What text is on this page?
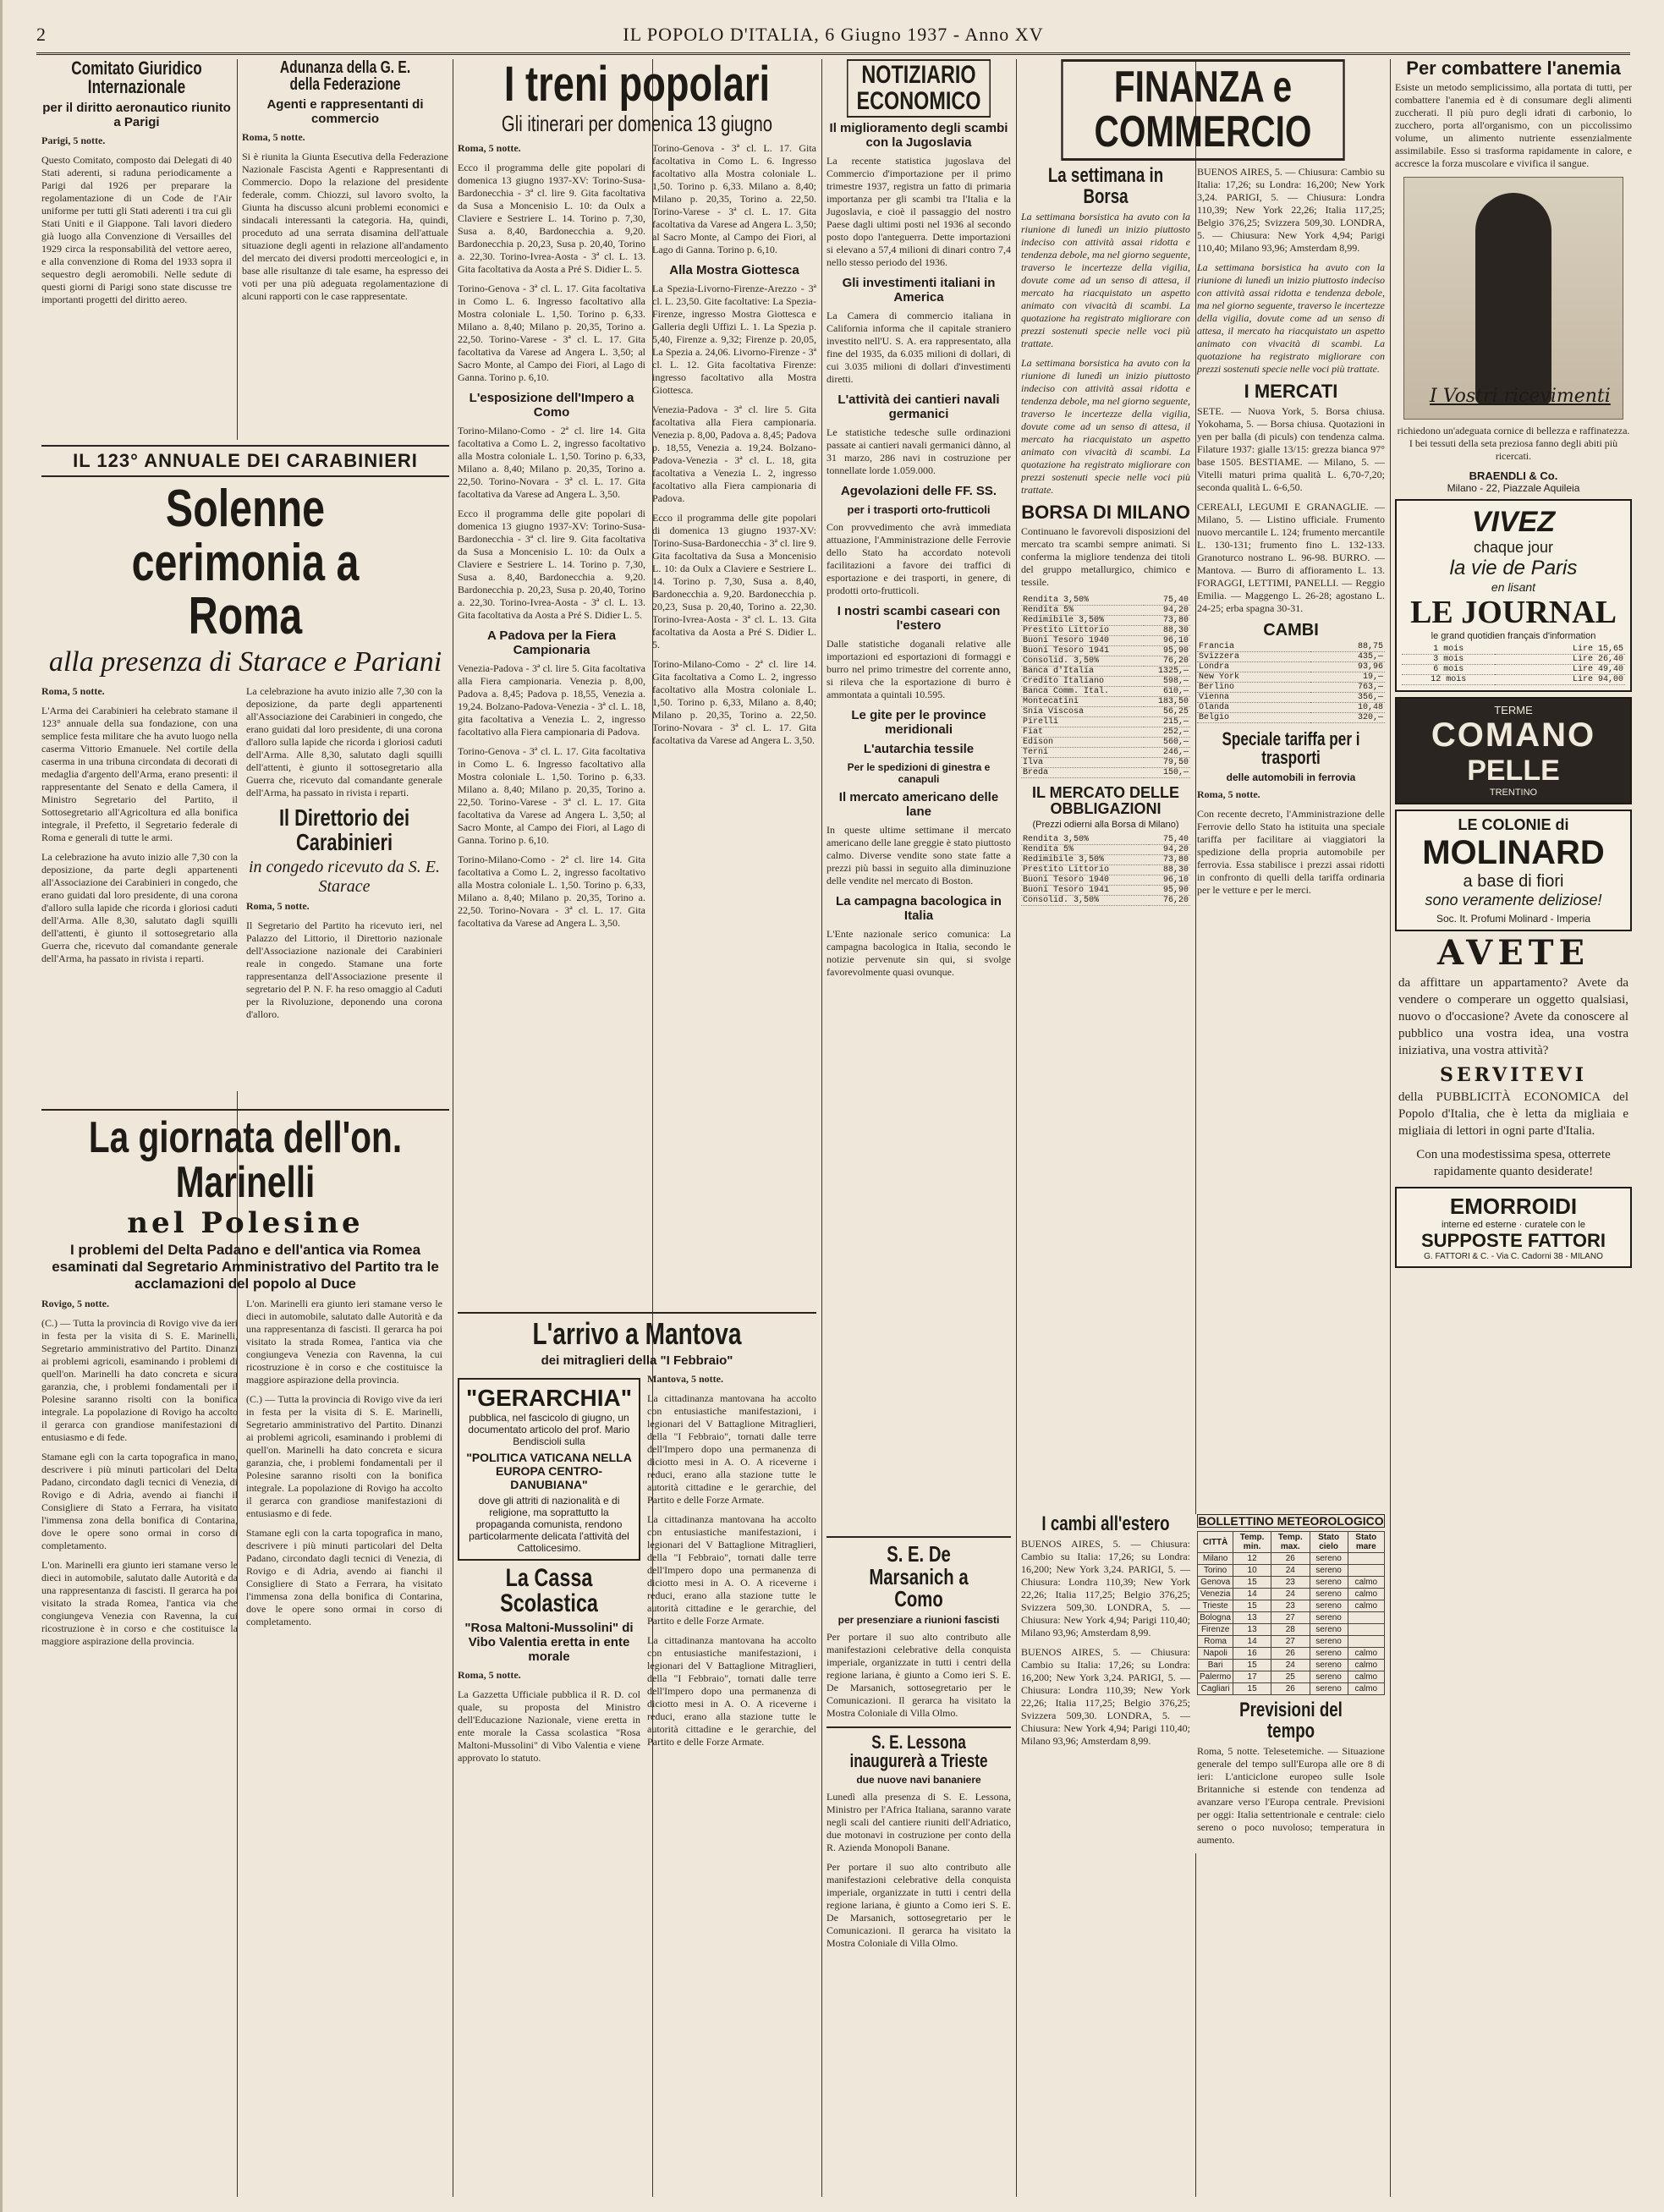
2	IL POPOLO D'ITALIA, 6 Giugno 1937 - Anno XV
Comitato Giuridico Internazionale
per il diritto aeronautico riunito a Parigi

Parigi, 5 notte.

Questo Comitato, composto dai Delegati di 40 Stati aderenti, si raduna periodicamente a Parigi dal 1926 per preparare la regolamentazione di un Code de l'Air uniforme per tutti gli Stati aderenti i tra cui gli Stati Uniti e il Giappone. Tali lavori diedero già luogo alla Convenzione di Versailles del 1929 circa la responsabilità del vettore aereo, e alla convenzione di Roma del 1933 sopra il sequestro degli aeromobili. Nelle sedute di questi giorni di Parigi sono state discusse tre importanti progetti del diritto aereo.

Adunanza della G. E. della Federazione
Agenti e rappresentanti di commercio

Roma, 5 notte.

Si è riunita la Giunta Esecutiva della Federazione Nazionale Fascista Agenti e Rappresentanti di Commercio. Dopo la relazione del presidente federale, comm. Chiozzi, sul lavoro svolto, la Giunta ha discusso alcuni problemi economici e sindacali interessanti la categoria. Ha, quindi, proceduto ad una serrata disamina dell'attuale situazione degli agenti in relazione all'andamento del mercato dei diversi prodotti merceologici e, in base alle risultanze di tale esame, ha espresso dei voti per una più adeguata regolamentazione di alcuni rapporti con le case rappresentate.

IL 123° ANNUALE DEI CARABINIERI
Solenne cerimonia a Roma
alla presenza di Starace e Pariani

Roma, 5 notte.

L'Arma dei Carabinieri ha celebrato stamane il 123° annuale della sua fondazione, con una semplice festa militare che ha avuto luogo nella caserma Vittorio Emanuele. Nel cortile della caserma in una tribuna circondata di decorati di medaglia d'argento dell'Arma, erano presenti: il rappresentante del Senato e della Camera, il Ministro Segretario del Partito, il Sottosegretario all'Agricoltura ed alla bonifica integrale, il Prefetto, il Segretario federale di Roma e generali di tutte le armi.

La celebrazione ha avuto inizio alle 7,30 con la deposizione, da parte degli appartenenti all'Associazione dei Carabinieri in congedo, che erano guidati dal loro presidente, di una corona d'alloro sulla lapide che ricorda i gloriosi caduti dell'Arma. Alle 8,30, salutato dagli squilli dell'attenti, è giunto il sottosegretario alla Guerra che, ricevuto dal comandante generale dell'Arma, ha passato in rivista i reparti.

La celebrazione ha avuto inizio alle 7,30 con la deposizione, da parte degli appartenenti all'Associazione dei Carabinieri in congedo, che erano guidati dal loro presidente, di una corona d'alloro sulla lapide che ricorda i gloriosi caduti dell'Arma. Alle 8,30, salutato dagli squilli dell'attenti, è giunto il sottosegretario alla Guerra che, ricevuto dal comandante generale dell'Arma, ha passato in rivista i reparti.

Il Direttorio dei Carabinieri
in congedo ricevuto da S. E. Starace

Roma, 5 notte.

Il Segretario del Partito ha ricevuto ieri, nel Palazzo del Littorio, il Direttorio nazionale dell'Associazione nazionale dei Carabinieri reale in congedo. Stamane una forte rappresentanza dell'Associazione presente il segretario del P. N. F. ha reso omaggio al Caduti per la Rivoluzione, deponendo una corona d'alloro.

La giornata dell'on. Marinelli
nel Polesine
I problemi del Delta Padano e dell'antica via Romea esaminati dal Segretario Amministrativo del Partito tra le acclamazioni del popolo al Duce

Rovigo, 5 notte.

(C.) — Tutta la provincia di Rovigo vive da ieri in festa per la visita di S. E. Marinelli, Segretario amministrativo del Partito. Dinanzi ai problemi agricoli, esaminando i problemi di quell'on. Marinelli ha dato concreta e sicura garanzia, che, i problemi fondamentali per il Polesine saranno risolti con la bonifica integrale. La popolazione di Rovigo ha accolto il gerarca con grandiose manifestazioni di entusiasmo e di fede.

Stamane egli con la carta topografica in mano, descrivere i più minuti particolari del Delta Padano, circondato dagli tecnici di Venezia, di Rovigo e di Adria, avendo ai fianchi il Consigliere di Stato a Ferrara, ha visitato l'immensa zona della bonifica di Contarina, dove le opere sono ormai in corso di completamento.

L'on. Marinelli era giunto ieri stamane verso le dieci in automobile, salutato dalle Autorità e da una rappresentanza di fascisti. Il gerarca ha poi visitato la strada Romea, l'antica via che congiungeva Venezia con Ravenna, la cui ricostruzione è in corso e che costituisce la maggiore aspirazione della provincia.

L'on. Marinelli era giunto ieri stamane verso le dieci in automobile, salutato dalle Autorità e da una rappresentanza di fascisti. Il gerarca ha poi visitato la strada Romea, l'antica via che congiungeva Venezia con Ravenna, la cui ricostruzione è in corso e che costituisce la maggiore aspirazione della provincia.

(C.) — Tutta la provincia di Rovigo vive da ieri in festa per la visita di S. E. Marinelli, Segretario amministrativo del Partito. Dinanzi ai problemi agricoli, esaminando i problemi di quell'on. Marinelli ha dato concreta e sicura garanzia, che, i problemi fondamentali per il Polesine saranno risolti con la bonifica integrale. La popolazione di Rovigo ha accolto il gerarca con grandiose manifestazioni di entusiasmo e di fede.

Stamane egli con la carta topografica in mano, descrivere i più minuti particolari del Delta Padano, circondato dagli tecnici di Venezia, di Rovigo e di Adria, avendo ai fianchi il Consigliere di Stato a Ferrara, ha visitato l'immensa zona della bonifica di Contarina, dove le opere sono ormai in corso di completamento.

I treni popolari
Gli itinerari per domenica 13 giugno

Roma, 5 notte.

Ecco il programma delle gite popolari di domenica 13 giugno 1937-XV: Torino-Susa-Bardonecchia - 3ª cl. lire 9. Gita facoltativa da Susa a Moncenisio L. 10: da Oulx a Claviere e Sestriere L. 14. Torino p. 7,30, Susa a. 8,40, Bardonecchia a. 9,20. Bardonecchia p. 20,23, Susa p. 20,40, Torino a. 22,30. Torino-Ivrea-Aosta - 3ª cl. L. 13. Gita facoltativa da Aosta a Pré S. Didier L. 5.

Torino-Genova - 3ª cl. L. 17. Gita facoltativa in Como L. 6. Ingresso facoltativo alla Mostra coloniale L. 1,50. Torino p. 6,33. Milano a. 8,40; Milano p. 20,35, Torino a. 22,50. Torino-Varese - 3ª cl. L. 17. Gita facoltativa da Varese ad Angera L. 3,50; al Sacro Monte, al Campo dei Fiori, al Lago di Ganna. Torino p. 6,10.

L'esposizione dell'Impero a Como

Torino-Milano-Como - 2ª cl. lire 14. Gita facoltativa a Como L. 2, ingresso facoltativo alla Mostra coloniale L. 1,50. Torino p. 6,33, Milano a. 8,40; Milano p. 20,35, Torino a. 22,50. Torino-Novara - 3ª cl. L. 17. Gita facoltativa da Varese ad Angera L. 3,50.

Ecco il programma delle gite popolari di domenica 13 giugno 1937-XV: Torino-Susa-Bardonecchia - 3ª cl. lire 9. Gita facoltativa da Susa a Moncenisio L. 10: da Oulx a Claviere e Sestriere L. 14. Torino p. 7,30, Susa a. 8,40, Bardonecchia a. 9,20. Bardonecchia p. 20,23, Susa p. 20,40, Torino a. 22,30. Torino-Ivrea-Aosta - 3ª cl. L. 13. Gita facoltativa da Aosta a Pré S. Didier L. 5.

A Padova per la Fiera Campionaria

Venezia-Padova - 3ª cl. lire 5. Gita facoltativa alla Fiera campionaria. Venezia p. 8,00, Padova a. 8,45; Padova p. 18,55, Venezia a. 19,24. Bolzano-Padova-Venezia - 3ª cl. L. 18, gita facoltativa a Venezia L. 2, ingresso facoltativo alla Fiera campionaria di Padova.

Torino-Genova - 3ª cl. L. 17. Gita facoltativa in Como L. 6. Ingresso facoltativo alla Mostra coloniale L. 1,50. Torino p. 6,33. Milano a. 8,40; Milano p. 20,35, Torino a. 22,50. Torino-Varese - 3ª cl. L. 17. Gita facoltativa da Varese ad Angera L. 3,50; al Sacro Monte, al Campo dei Fiori, al Lago di Ganna. Torino p. 6,10.

Torino-Milano-Como - 2ª cl. lire 14. Gita facoltativa a Como L. 2, ingresso facoltativo alla Mostra coloniale L. 1,50. Torino p. 6,33, Milano a. 8,40; Milano p. 20,35, Torino a. 22,50. Torino-Novara - 3ª cl. L. 17. Gita facoltativa da Varese ad Angera L. 3,50.

Torino-Genova - 3ª cl. L. 17. Gita facoltativa in Como L. 6. Ingresso facoltativo alla Mostra coloniale L. 1,50. Torino p. 6,33. Milano a. 8,40; Milano p. 20,35, Torino a. 22,50. Torino-Varese - 3ª cl. L. 17. Gita facoltativa da Varese ad Angera L. 3,50; al Sacro Monte, al Campo dei Fiori, al Lago di Ganna. Torino p. 6,10.

Alla Mostra Giottesca

La Spezia-Livorno-Firenze-Arezzo - 3ª cl. L. 23,50. Gite facoltative: La Spezia-Firenze, ingresso Mostra Giottesca e Galleria degli Uffizi L. 1. La Spezia p. 5,40, Firenze a. 9,32; Firenze p. 20,05, La Spezia a. 24,06. Livorno-Firenze - 3ª cl. L. 12. Gita facoltativa Firenze: ingresso facoltativo alla Mostra Giottesca.

Venezia-Padova - 3ª cl. lire 5. Gita facoltativa alla Fiera campionaria. Venezia p. 8,00, Padova a. 8,45; Padova p. 18,55, Venezia a. 19,24. Bolzano-Padova-Venezia - 3ª cl. L. 18, gita facoltativa a Venezia L. 2, ingresso facoltativo alla Fiera campionaria di Padova.

Ecco il programma delle gite popolari di domenica 13 giugno 1937-XV: Torino-Susa-Bardonecchia - 3ª cl. lire 9. Gita facoltativa da Susa a Moncenisio L. 10: da Oulx a Claviere e Sestriere L. 14. Torino p. 7,30, Susa a. 8,40, Bardonecchia a. 9,20. Bardonecchia p. 20,23, Susa p. 20,40, Torino a. 22,30. Torino-Ivrea-Aosta - 3ª cl. L. 13. Gita facoltativa da Aosta a Pré S. Didier L. 5.

Torino-Milano-Como - 2ª cl. lire 14. Gita facoltativa a Como L. 2, ingresso facoltativo alla Mostra coloniale L. 1,50. Torino p. 6,33, Milano a. 8,40; Milano p. 20,35, Torino a. 22,50. Torino-Novara - 3ª cl. L. 17. Gita facoltativa da Varese ad Angera L. 3,50.

L'arrivo a Mantova
dei mitraglieri della "I Febbraio"
"GERARCHIA"
pubblica, nel fascicolo di giugno, un documentato articolo del prof. Mario Bendiscioli sulla
"POLITICA VATICANA NELLA EUROPA CENTRO-DANUBIANA"
dove gli attriti di nazionalità e di religione, ma soprattutto la propaganda comunista, rendono particolarmente delicata l'attività del Cattolicesimo.
La Cassa Scolastica
"Rosa Maltoni-Mussolini" di Vibo Valentia eretta in ente morale

Roma, 5 notte.

La Gazzetta Ufficiale pubblica il R. D. col quale, su proposta del Ministro dell'Educazione Nazionale, viene eretta in ente morale la Cassa scolastica "Rosa Maltoni-Mussolini" di Vibo Valentia e viene approvato lo statuto.

Mantova, 5 notte.

La cittadinanza mantovana ha accolto con entusiastiche manifestazioni, i legionari del V Battaglione Mitraglieri, della "I Febbraio", tornati dalle terre dell'Impero dopo una permanenza di diciotto mesi in A. O. A riceverne i reduci, erano alla stazione tutte le autorità cittadine e le gerarchie, del Partito e delle Forze Armate.

La cittadinanza mantovana ha accolto con entusiastiche manifestazioni, i legionari del V Battaglione Mitraglieri, della "I Febbraio", tornati dalle terre dell'Impero dopo una permanenza di diciotto mesi in A. O. A riceverne i reduci, erano alla stazione tutte le autorità cittadine e le gerarchie, del Partito e delle Forze Armate.

La cittadinanza mantovana ha accolto con entusiastiche manifestazioni, i legionari del V Battaglione Mitraglieri, della "I Febbraio", tornati dalle terre dell'Impero dopo una permanenza di diciotto mesi in A. O. A riceverne i reduci, erano alla stazione tutte le autorità cittadine e le gerarchie, del Partito e delle Forze Armate.

NOTIZIARIO ECONOMICO
Il miglioramento degli scambi con la Jugoslavia

La recente statistica jugoslava del Commercio d'importazione per il primo trimestre 1937, registra un fatto di primaria importanza per gli scambi tra l'Italia e la Jugoslavia, e cioè il passaggio del nostro Paese dagli ultimi posti nel 1936 al secondo posto dopo l'anteguerra. Dette importazioni si elevano a 57,4 milioni di dinari contro 7,4 nello stesso periodo del 1936.

Gli investimenti italiani in America

La Camera di commercio italiana in California informa che il capitale straniero investito nell'U. S. A. era rappresentato, alla fine del 1935, da 6.035 milioni di dollari, di cui 3.035 milioni di dollari d'investimenti diretti.

L'attività dei cantieri navali germanici

Le statistiche tedesche sulle ordinazioni passate ai cantieri navali germanici dànno, al 31 marzo, 286 navi in costruzione per tonnellate lorde 1.059.000.

Agevolazioni delle FF. SS.
per i trasporti orto-frutticoli

Con provvedimento che avrà immediata attuazione, l'Amministrazione delle Ferrovie dello Stato ha accordato notevoli facilitazioni a favore dei traffici di esportazione e dei trasporti, in genere, di prodotti orto-frutticoli.

I nostri scambi caseari con l'estero

Dalle statistiche doganali relative alle importazioni ed esportazioni di formaggi e burro nel primo trimestre del corrente anno, si rileva che la esportazione di burro è ammontata a quintali 10.595.

Le gite per le province meridionali
L'autarchia tessile
Per le spedizioni di ginestra e canapuli
Il mercato americano delle lane

In queste ultime settimane il mercato americano delle lane greggie è stato piuttosto calmo. Diverse vendite sono state fatte a prezzi più bassi in seguito alla diminuzione delle vendite nel mercato di Boston.

La campagna bacologica in Italia

L'Ente nazionale serico comunica: La campagna bacologica in Italia, secondo le notizie pervenute sin qui, si svolge favorevolmente quasi ovunque.

S. E. De Marsanich a Como
per presenziare a riunioni fascisti

Per portare il suo alto contributo alle manifestazioni celebrative della conquista imperiale, organizzate in tutti i centri della regione lariana, è giunto a Como ieri S. E. De Marsanich, sottosegretario per le Comunicazioni. Il gerarca ha visitato la Mostra Coloniale di Villa Olmo.

S. E. Lessona inaugurerà a Trieste
due nuove navi bananiere

Lunedì alla presenza di S. E. Lessona, Ministro per l'Africa Italiana, saranno varate negli scali del cantiere riuniti dell'Adriatico, due motonavi in costruzione per conto della R. Azienda Monopoli Banane.

Per portare il suo alto contributo alle manifestazioni celebrative della conquista imperiale, organizzate in tutti i centri della regione lariana, è giunto a Como ieri S. E. De Marsanich, sottosegretario per le Comunicazioni. Il gerarca ha visitato la Mostra Coloniale di Villa Olmo.

FINANZA e COMMERCIO
La settimana in Borsa

La settimana borsistica ha avuto con la riunione di lunedì un inizio piuttosto indeciso con attività assai ridotta e tendenza debole, ma nel giorno seguente, traverso le incertezze della vigilia, dovute come ad un senso di attesa, il mercato ha riacquistato un aspetto animato con vivacità di scambi. La quotazione ha registrato migliorare con prezzi sostenuti specie nelle voci più trattate.

La settimana borsistica ha avuto con la riunione di lunedì un inizio piuttosto indeciso con attività assai ridotta e tendenza debole, ma nel giorno seguente, traverso le incertezze della vigilia, dovute come ad un senso di attesa, il mercato ha riacquistato un aspetto animato con vivacità di scambi. La quotazione ha registrato migliorare con prezzi sostenuti specie nelle voci più trattate.

BORSA DI MILANO

Continuano le favorevoli disposizioni del mercato tra scambi sempre animati. Si conferma la migliore tendenza dei titoli del gruppo metallurgico, chimico e tessile.

Rendita 3,50%	75,40
Rendita 5%	94,20
Redimibile 3,50%	73,80
Prestito Littorio	88,30
Buoni Tesoro 1940	96,10
Buoni Tesoro 1941	95,90
Consolid. 3,50%	76,20
Banca d'Italia	1325,—
Credito Italiano	598,—
Banca Comm. Ital.	610,—
Montecatini	183,50
Snia Viscosa	56,25
Pirelli	215,—
Fiat	252,—
Edison	560,—
Terni	246,—
Ilva	79,50
Breda	150,—
IL MERCATO DELLE OBBLIGAZIONI
(Prezzi odierni alla Borsa di Milano)
Rendita 3,50%	75,40
Rendita 5%	94,20
Redimibile 3,50%	73,80
Prestito Littorio	88,30
Buoni Tesoro 1940	96,10
Buoni Tesoro 1941	95,90
Consolid. 3,50%	76,20

BUENOS AIRES, 5. — Chiusura: Cambio su Italia: 17,26; su Londra: 16,200; New York 3,24. PARIGI, 5. — Chiusura: Londra 110,39; New York 22,26; Italia 117,25; Belgio 376,25; Svizzera 509,30. LONDRA, 5. — Chiusura: New York 4,94; Parigi 110,40; Milano 93,96; Amsterdam 8,99.

La settimana borsistica ha avuto con la riunione di lunedì un inizio piuttosto indeciso con attività assai ridotta e tendenza debole, ma nel giorno seguente, traverso le incertezze della vigilia, dovute come ad un senso di attesa, il mercato ha riacquistato un aspetto animato con vivacità di scambi. La quotazione ha registrato migliorare con prezzi sostenuti specie nelle voci più trattate.

I MERCATI

SETE. — Nuova York, 5. Borsa chiusa. Yokohama, 5. — Borsa chiusa. Quotazioni in yen per balla (di piculs) con tendenza calma. Filature 1937: gialle 13/15: grezza bianca 97° base 1505. BESTIAME. — Milano, 5. — Vitelli maturi prima qualità L. 6,70-7,20; seconda qualità L. 6-6,50.

CEREALI, LEGUMI E GRANAGLIE. — Milano, 5. — Listino ufficiale. Frumento nuovo mercantile L. 124; frumento mercantile L. 130-131; frumento fino L. 132-133. Granoturco nostrano L. 96-98. BURRO. — Mantova. — Burro di affioramento L. 13. FORAGGI, LETTIMI, PANELLI. — Reggio Emilia. — Maggengo L. 26-28; agostano L. 24-25; erba spagna 30-31.

CAMBI
Francia	88,75
Svizzera	435,—
Londra	93,96
New York	19,—
Berlino	763,—
Vienna	356,—
Olanda	10,48
Belgio	320,—
Speciale tariffa per i trasporti
delle automobili in ferrovia

Roma, 5 notte.

Con recente decreto, l'Amministrazione delle Ferrovie dello Stato ha istituita una speciale tariffa per facilitare ai viaggiatori la spedizione della propria automobile per ferrovia. Essa stabilisce i prezzi assai ridotti in confronto di quelli della tariffa ordinaria per le vetture e per le merci.

I cambi all'estero

BUENOS AIRES, 5. — Chiusura: Cambio su Italia: 17,26; su Londra: 16,200; New York 3,24. PARIGI, 5. — Chiusura: Londra 110,39; New York 22,26; Italia 117,25; Belgio 376,25; Svizzera 509,30. LONDRA, 5. — Chiusura: New York 4,94; Parigi 110,40; Milano 93,96; Amsterdam 8,99.

BUENOS AIRES, 5. — Chiusura: Cambio su Italia: 17,26; su Londra: 16,200; New York 3,24. PARIGI, 5. — Chiusura: Londra 110,39; New York 22,26; Italia 117,25; Belgio 376,25; Svizzera 509,30. LONDRA, 5. — Chiusura: New York 4,94; Parigi 110,40; Milano 93,96; Amsterdam 8,99.

BOLLETTINO METEOROLOGICO
CITTÀ	Temp. min.	Temp. max.	Stato cielo	Stato mare
Milano	12	26	sereno	
Torino	10	24	sereno	
Genova	15	23	sereno	calmo
Venezia	14	24	sereno	calmo
Trieste	15	23	sereno	calmo
Bologna	13	27	sereno	
Firenze	13	28	sereno	
Roma	14	27	sereno	
Napoli	16	26	sereno	calmo
Bari	15	24	sereno	calmo
Palermo	17	25	sereno	calmo
Cagliari	15	26	sereno	calmo
Previsioni del tempo

Roma, 5 notte. Telesetemiche. — Situazione generale del tempo sull'Europa alle ore 8 di ieri: L'anticiclone europeo sulle Isole Britanniche si estende con tendenza ad avanzare verso l'Europa centrale. Previsioni per oggi: Italia settentrionale e centrale: cielo sereno o poco nuvoloso; temperatura in aumento.

Per combattere l'anemia

Esiste un metodo semplicissimo, alla portata di tutti, per combattere l'anemia ed è di consumare degli alimenti zuccherati. Il più puro degli idrati di carbonio, lo zucchero, porta all'organismo, con un piccolissimo volume, un alimento nutriente essenzialmente assimilabile. Esso si trasforma rapidamente in calore, e accresce la forza muscolare e vivifica il sangue.

I Vostri ricevimenti

richiedono un'adeguata cornice di bellezza e raffinatezza. I bei tessuti della seta preziosa fanno degli abiti più ricercati.

BRAENDLI & Co.
Milano - 22, Piazzale Aquileia
VIVEZ
chaque jour
la vie de Paris
en lisant
LE JOURNAL
le grand quotidien français d'information
1 mois	Lire 15,65
3 mois	Lire 26,40
6 mois	Lire 49,40
12 mois	Lire 94,00
TERME
COMANO
PELLE
TRENTINO
LE COLONIE di
MOLINARD
a base di fiori
sono veramente deliziose!
Soc. It. Profumi Molinard - Imperia
AVETE

da affittare un appartamento? Avete da vendere o comperare un oggetto qualsiasi, nuovo o d'occasione? Avete da conoscere al pubblico una vostra idea, una vostra iniziativa, una vostra attività?

SERVITEVI

della PUBBLICITÀ ECONOMICA del Popolo d'Italia, che è letta da migliaia e migliaia di lettori in ogni parte d'Italia.

Con una modestissima spesa, otterrete rapidamente quanto desiderate!

EMORROIDI
interne ed esterne · curatele con le
SUPPOSTE FATTORI
G. FATTORI & C. - Via C. Cadorni 38 - MILANO
